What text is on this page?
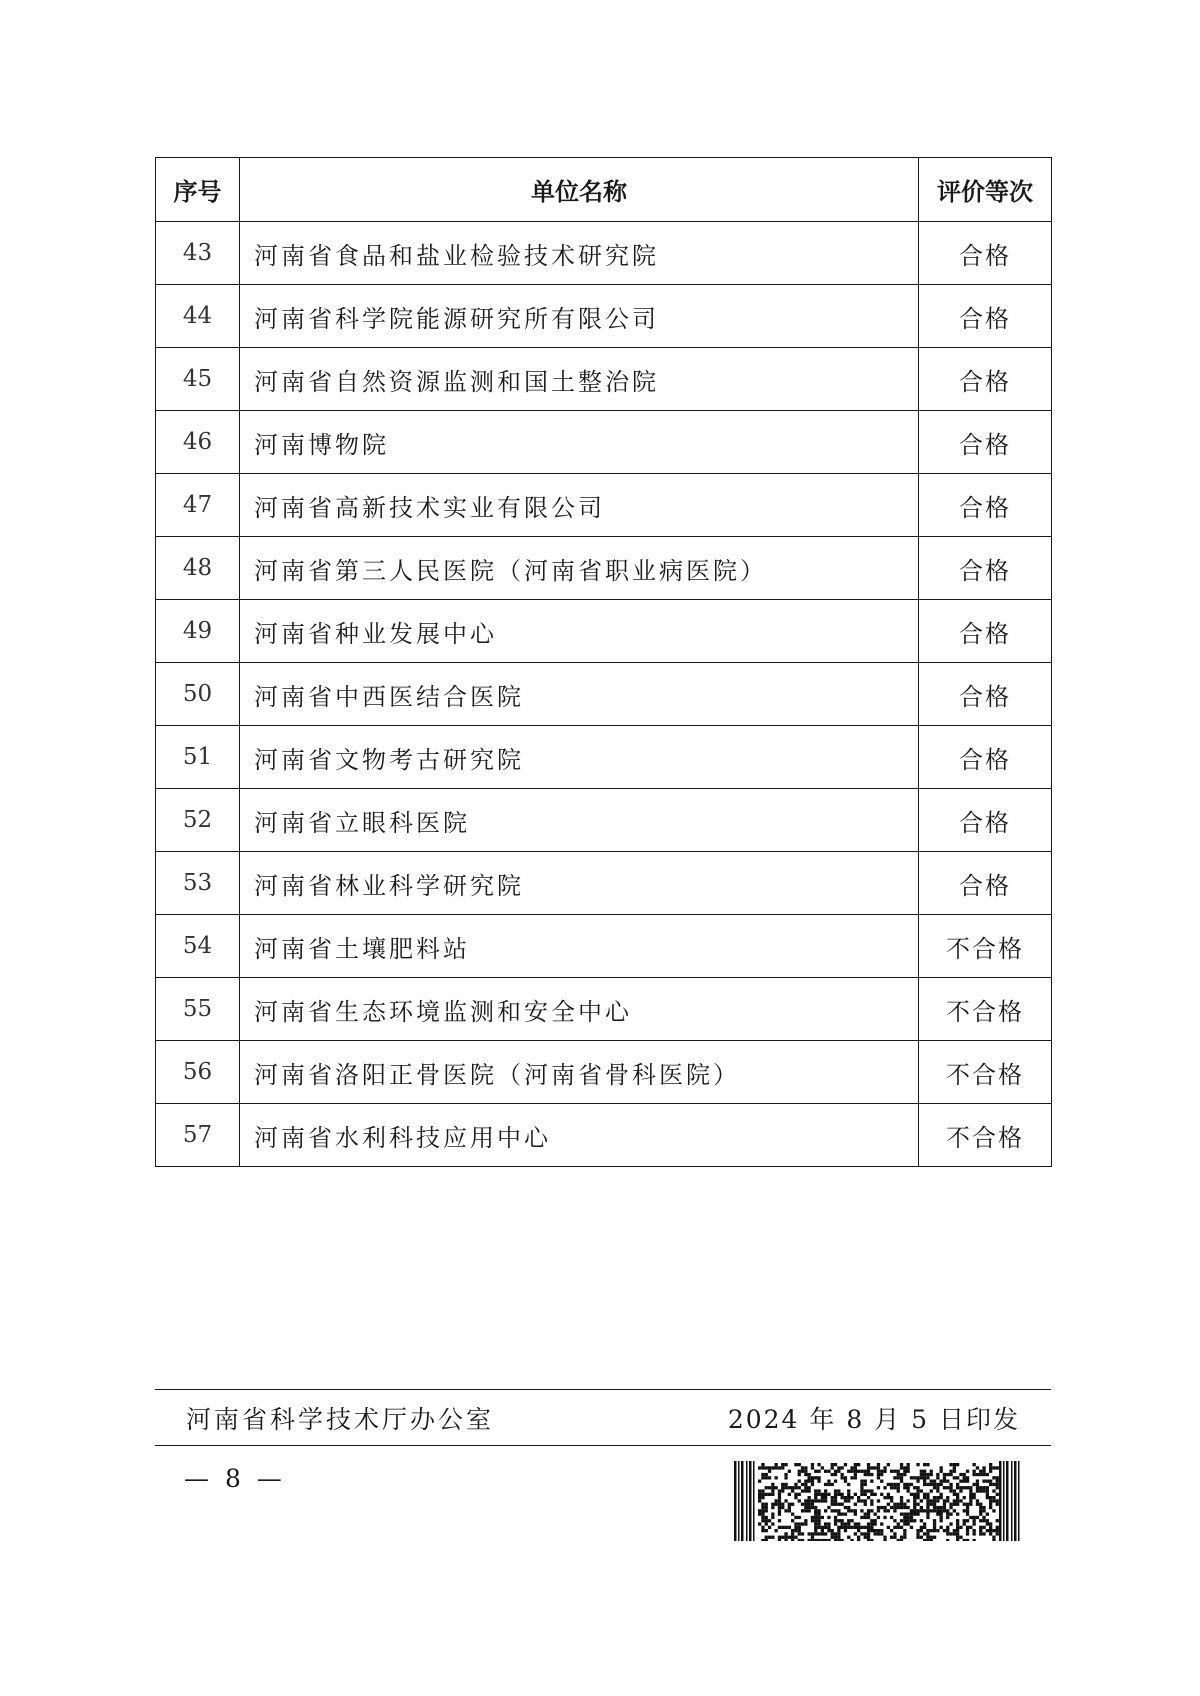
序号	单位名称	评价等次
43	河南省食品和盐业检验技术研究院	合格
44	河南省科学院能源研究所有限公司	合格
45	河南省自然资源监测和国土整治院	合格
46	河南博物院	合格
47	河南省高新技术实业有限公司	合格
48	河南省第三人民医院（河南省职业病医院）	合格
49	河南省种业发展中心	合格
50	河南省中西医结合医院	合格
51	河南省文物考古研究院	合格
52	河南省立眼科医院	合格
53	河南省林业科学研究院	合格
54	河南省土壤肥料站	不合格
55	河南省生态环境监测和安全中心	不合格
56	河南省洛阳正骨医院（河南省骨科医院）	不合格
57	河南省水利科技应用中心	不合格
河南省科学技术厅办公室	2024 年 8 月 5 日印发
— 8 —
